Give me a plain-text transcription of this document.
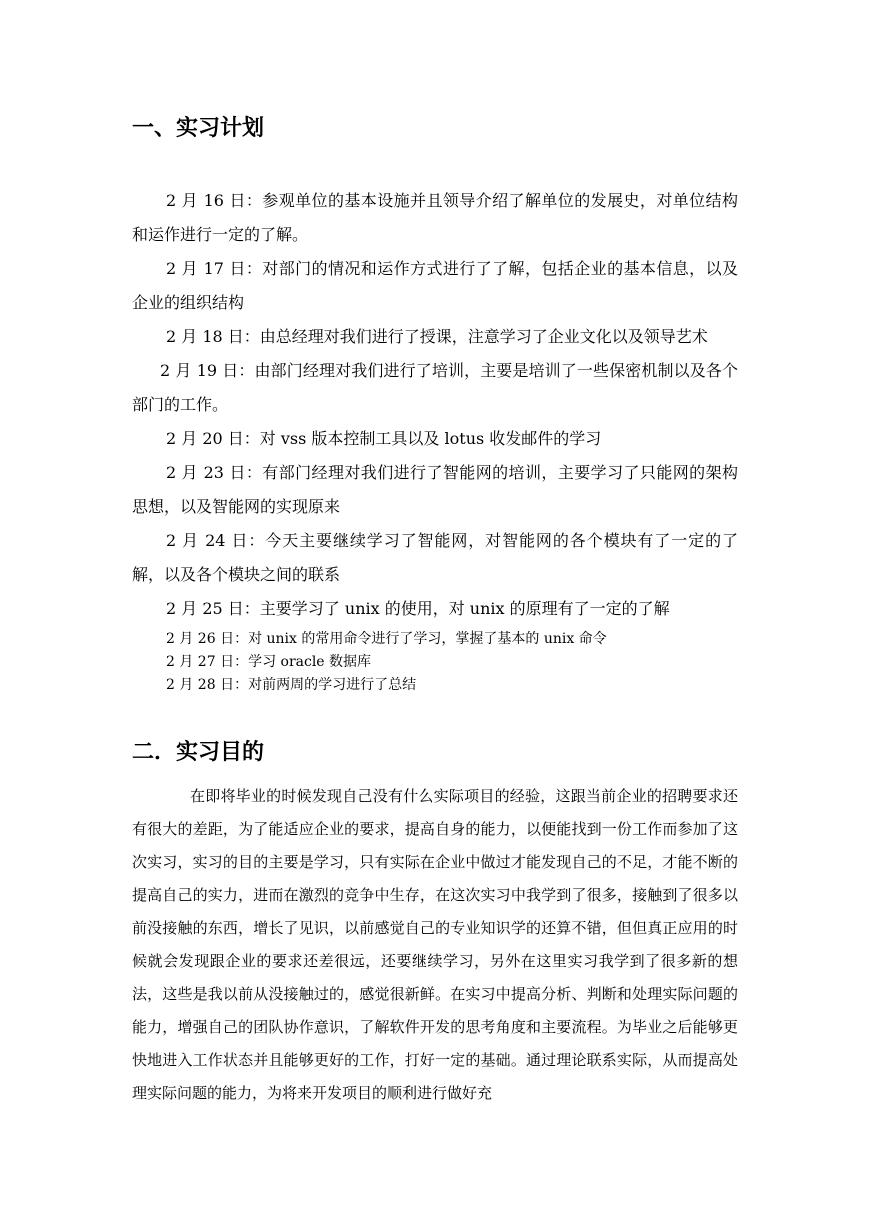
一、实习计划

2 月 16 日：参观单位的基本设施并且领导介绍了解单位的发展史，对单位结构和运作进行一定的了解。

2 月 17 日：对部门的情况和运作方式进行了了解，包括企业的基本信息，以及企业的组织结构

2 月 18 日：由总经理对我们进行了授课，注意学习了企业文化以及领导艺术

2 月 19 日：由部门经理对我们进行了培训，主要是培训了一些保密机制以及各个部门的工作。

2 月 20 日：对 vss 版本控制工具以及 lotus 收发邮件的学习

2 月 23 日：有部门经理对我们进行了智能网的培训，主要学习了只能网的架构思想，以及智能网的实现原来

2 月 24 日：今天主要继续学习了智能网，对智能网的各个模块有了一定的了解，以及各个模块之间的联系

2 月 25 日：主要学习了 unix 的使用，对 unix 的原理有了一定的了解

2 月 26 日：对 unix 的常用命令进行了学习，掌握了基本的 unix 命令

2 月 27 日：学习 oracle 数据库

2 月 28 日：对前两周的学习进行了总结

二．实习目的

在即将毕业的时候发现自己没有什么实际项目的经验，这跟当前企业的招聘要求还有很大的差距，为了能适应企业的要求，提高自身的能力，以便能找到一份工作而参加了这次实习，实习的目的主要是学习，只有实际在企业中做过才能发现自己的不足，才能不断的提高自己的实力，进而在激烈的竞争中生存，在这次实习中我学到了很多，接触到了很多以前没接触的东西，增长了见识，以前感觉自己的专业知识学的还算不错，但但真正应用的时候就会发现跟企业的要求还差很远，还要继续学习，另外在这里实习我学到了很多新的想法，这些是我以前从没接触过的，感觉很新鲜。在实习中提高分析、判断和处理实际问题的能力，增强自己的团队协作意识，了解软件开发的思考角度和主要流程。为毕业之后能够更快地进入工作状态并且能够更好的工作，打好一定的基础。通过理论联系实际，从而提高处理实际问题的能力，为将来开发项目的顺利进行做好充
